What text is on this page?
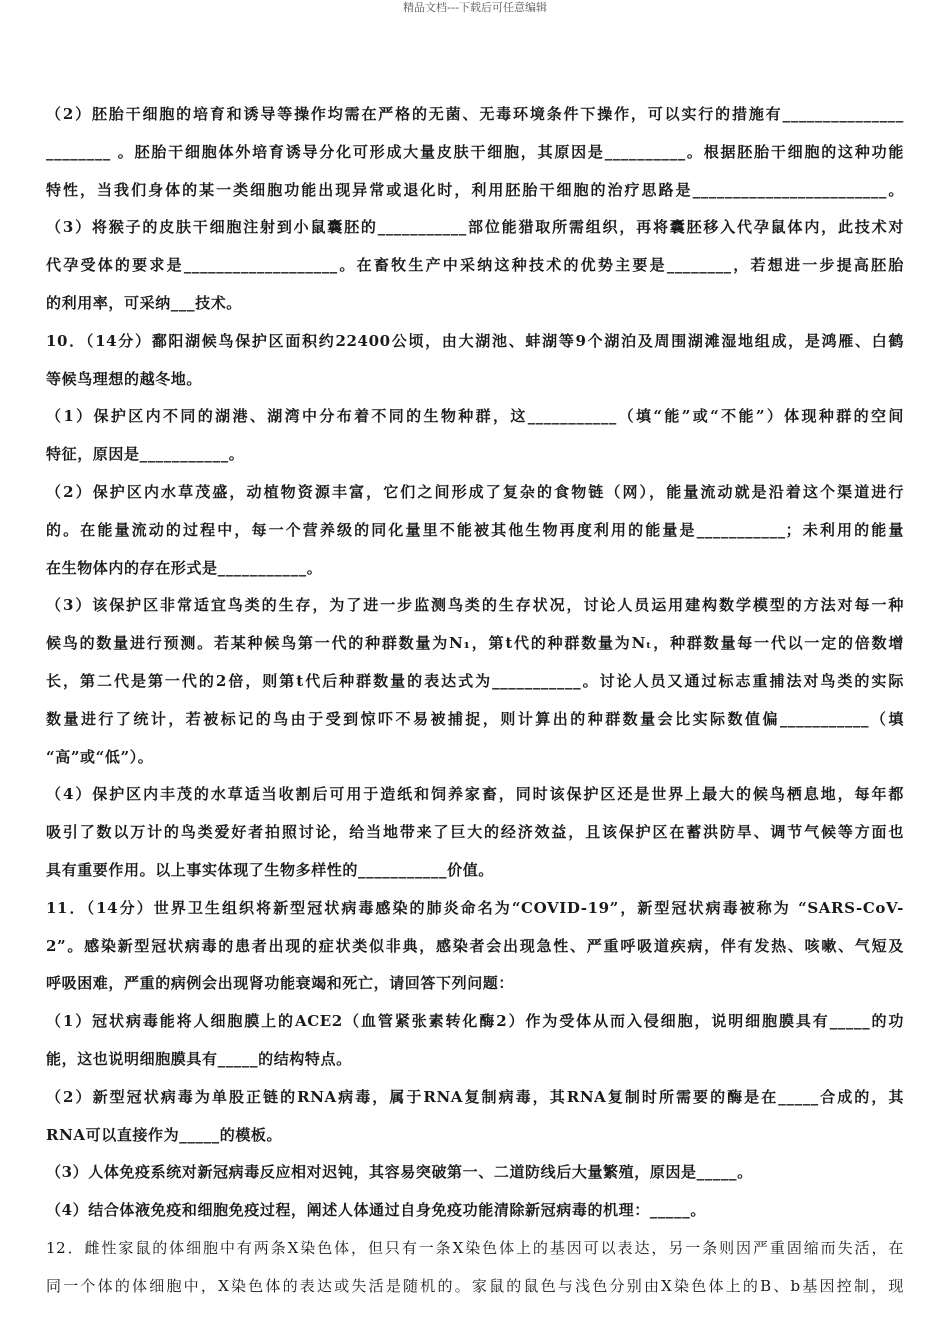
精品文档---下载后可任意编辑
（2）胚胎干细胞的培育和诱导等操作均需在严格的无菌、无毒环境条件下操作，可以实行的措施有_______________
________ 。胚胎干细胞体外培育诱导分化可形成大量皮肤干细胞，其原因是__________。根据胚胎干细胞的这种功能
特性，当我们身体的某一类细胞功能出现异常或退化时，利用胚胎干细胞的治疗思路是________________________。
（3）将猴子的皮肤干细胞注射到小鼠囊胚的___________部位能猎取所需组织，再将囊胚移入代孕鼠体内，此技术对
代孕受体的要求是___________________。在畜牧生产中采纳这种技术的优势主要是________，若想进一步提高胚胎
的利用率，可采纳___技术。
10．（14分）鄱阳湖候鸟保护区面积约22400公顷，由大湖池、蚌湖等9个湖泊及周围湖滩湿地组成，是鸿雁、白鹤
等候鸟理想的越冬地。
（1）保护区内不同的湖港、湖湾中分布着不同的生物种群，这___________（填“能”或“不能”）体现种群的空间
特征，原因是___________。
（2）保护区内水草茂盛，动植物资源丰富，它们之间形成了复杂的食物链（网），能量流动就是沿着这个渠道进行
的。在能量流动的过程中，每一个营养级的同化量里不能被其他生物再度利用的能量是___________；未利用的能量
在生物体内的存在形式是___________。
（3）该保护区非常适宜鸟类的生存，为了进一步监测鸟类的生存状况，讨论人员运用建构数学模型的方法对每一种
候鸟的数量进行预测。若某种候鸟第一代的种群数量为N₁，第t代的种群数量为Nₜ，种群数量每一代以一定的倍数增
长，第二代是第一代的2倍，则第t代后种群数量的表达式为___________。讨论人员又通过标志重捕法对鸟类的实际
数量进行了统计，若被标记的鸟由于受到惊吓不易被捕捉，则计算出的种群数量会比实际数值偏___________（填
“高”或“低”）。
（4）保护区内丰茂的水草适当收割后可用于造纸和饲养家畜，同时该保护区还是世界上最大的候鸟栖息地，每年都
吸引了数以万计的鸟类爱好者拍照讨论，给当地带来了巨大的经济效益，且该保护区在蓄洪防旱、调节气候等方面也
具有重要作用。以上事实体现了生物多样性的___________价值。
11．（14分）世界卫生组织将新型冠状病毒感染的肺炎命名为“COVID-19”，新型冠状病毒被称为 “SARS-CoV-
2”。感染新型冠状病毒的患者出现的症状类似非典，感染者会出现急性、严重呼吸道疾病，伴有发热、咳嗽、气短及
呼吸困难，严重的病例会出现肾功能衰竭和死亡，请回答下列问题：
（1）冠状病毒能将人细胞膜上的ACE2（血管紧张素转化酶2）作为受体从而入侵细胞，说明细胞膜具有_____的功
能，这也说明细胞膜具有_____的结构特点。
（2）新型冠状病毒为单股正链的RNA病毒，属于RNA复制病毒，其RNA复制时所需要的酶是在_____合成的，其
RNA可以直接作为_____的模板。
（3）人体免疫系统对新冠病毒反应相对迟钝，其容易突破第一、二道防线后大量繁殖，原因是_____。
（4）结合体液免疫和细胞免疫过程，阐述人体通过自身免疫功能清除新冠病毒的机理：_____。
12．雌性家鼠的体细胞中有两条X染色体，但只有一条X染色体上的基因可以表达，另一条则因严重固缩而失活，在
同一个体的体细胞中，X染色体的表达或失活是随机的。家鼠的鼠色与浅色分别由X染色体上的B、b基因控制，现
